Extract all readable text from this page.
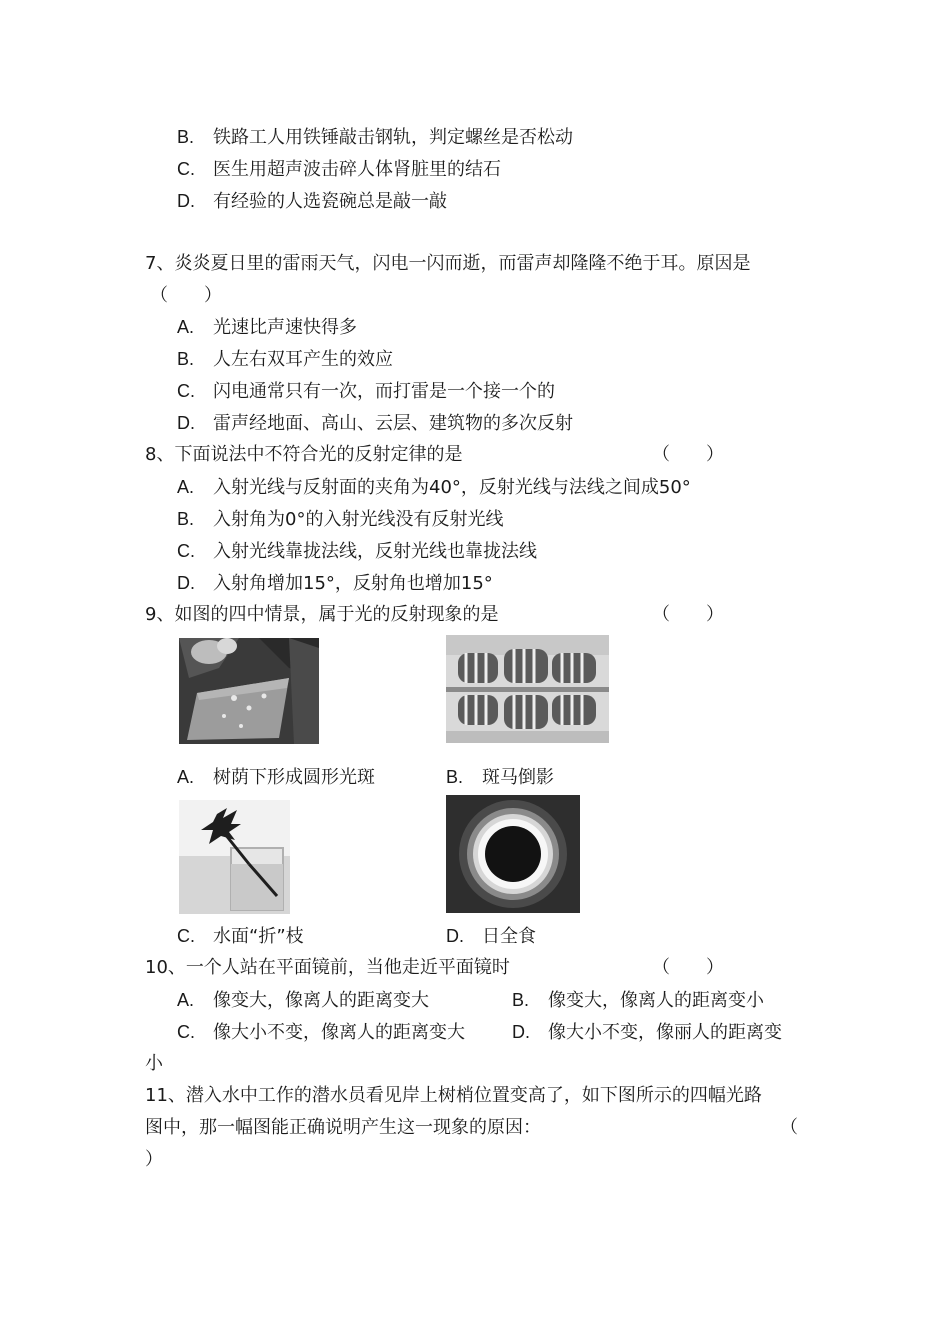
B. 铁路工人用铁锤敲击钢轨，判定螺丝是否松动
C. 医生用超声波击碎人体肾脏里的结石
D. 有经验的人选瓷碗总是敲一敲
7、炎炎夏日里的雷雨天气，闪电一闪而逝，而雷声却隆隆不绝于耳。原因是
（　　）
A. 光速比声速快得多
B. 人左右双耳产生的效应
C. 闪电通常只有一次，而打雷是一个接一个的
D. 雷声经地面、高山、云层、建筑物的多次反射
8、下面说法中不符合光的反射定律的是	（　　）
A. 入射光线与反射面的夹角为40°，反射光线与法线之间成50°
B. 入射角为0°的入射光线没有反射光线
C. 入射光线靠拢法线，反射光线也靠拢法线
D. 入射角增加15°，反射角也增加15°
9、如图的四中情景，属于光的反射现象的是	（　　）
A. 树荫下形成圆形光斑	B. 斑马倒影
C. 水面“折”枝	D. 日全食
10、一个人站在平面镜前，当他走近平面镜时	（　　）
A. 像变大，像离人的距离变大	B. 像变大，像离人的距离变小
C. 像大小不变，像离人的距离变大	D. 像大小不变，像丽人的距离变
小
11、潜入水中工作的潜水员看见岸上树梢位置变高了，如下图所示的四幅光路
图中，那一幅图能正确说明产生这一现象的原因：	（
）
